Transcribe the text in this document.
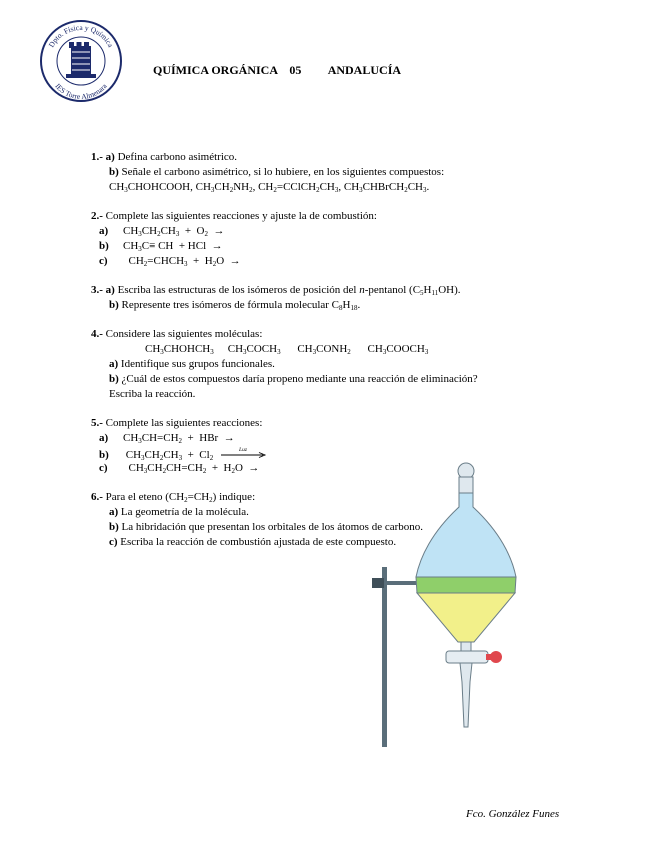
Dpto. Física y Química
IES Torre Almenara
QUÍMICA ORGÁNICA 05 ANDALUCÍA
1.- a) Defina carbono asimétrico.
b) Señale el carbono asimétrico, si lo hubiere, en los siguientes compuestos:
$CH_3CHOHCOOH$, $CH_3CH_2NH_2$, $CH_2=CClCH_2CH_3$, $CH_3CHBrCH_2CH_3$.
2.- Complete las siguientes reacciones y ajuste la de combustión:
a) $CH_3CH_2CH_3 + O_2$  →
b) $CH_3C\equiv$ CH  + HCl  →
c)  $CH_2=CHCH_3 + H_2O$  →
3.- a) Escriba las estructuras de los isómeros de posición del n-pentanol $(C_5H_{11}OH)$.
b) Represente tres isómeros de fórmula molecular $C_8H_{18}$.
4.- Considere las siguientes moléculas:
$CH_3CHOHCH_3$ $CH_3COCH_3$ $CH_3CONH_2$ $CH_3COOCH_3$
a) Identifique sus grupos funcionales.
b) ¿Cuál de estos compuestos daría propeno mediante una reacción de eliminación?
Escriba la reacción.
5.- Complete las siguientes reacciones:
a) $CH_3CH=CH_2$  +  HBr  →
b) $CH_3CH_2CH_3 + Cl_2$
Luz
c)  $CH_3CH_2CH=CH_2 + H_2O$  →
6.- Para el eteno $(CH_2=CH_2)$ indique:
a) La geometría de la molécula.
b) La hibridación que presentan los orbitales de los átomos de carbono.
c) Escriba la reacción de combustión ajustada de este compuesto.
Fco. González Funes
